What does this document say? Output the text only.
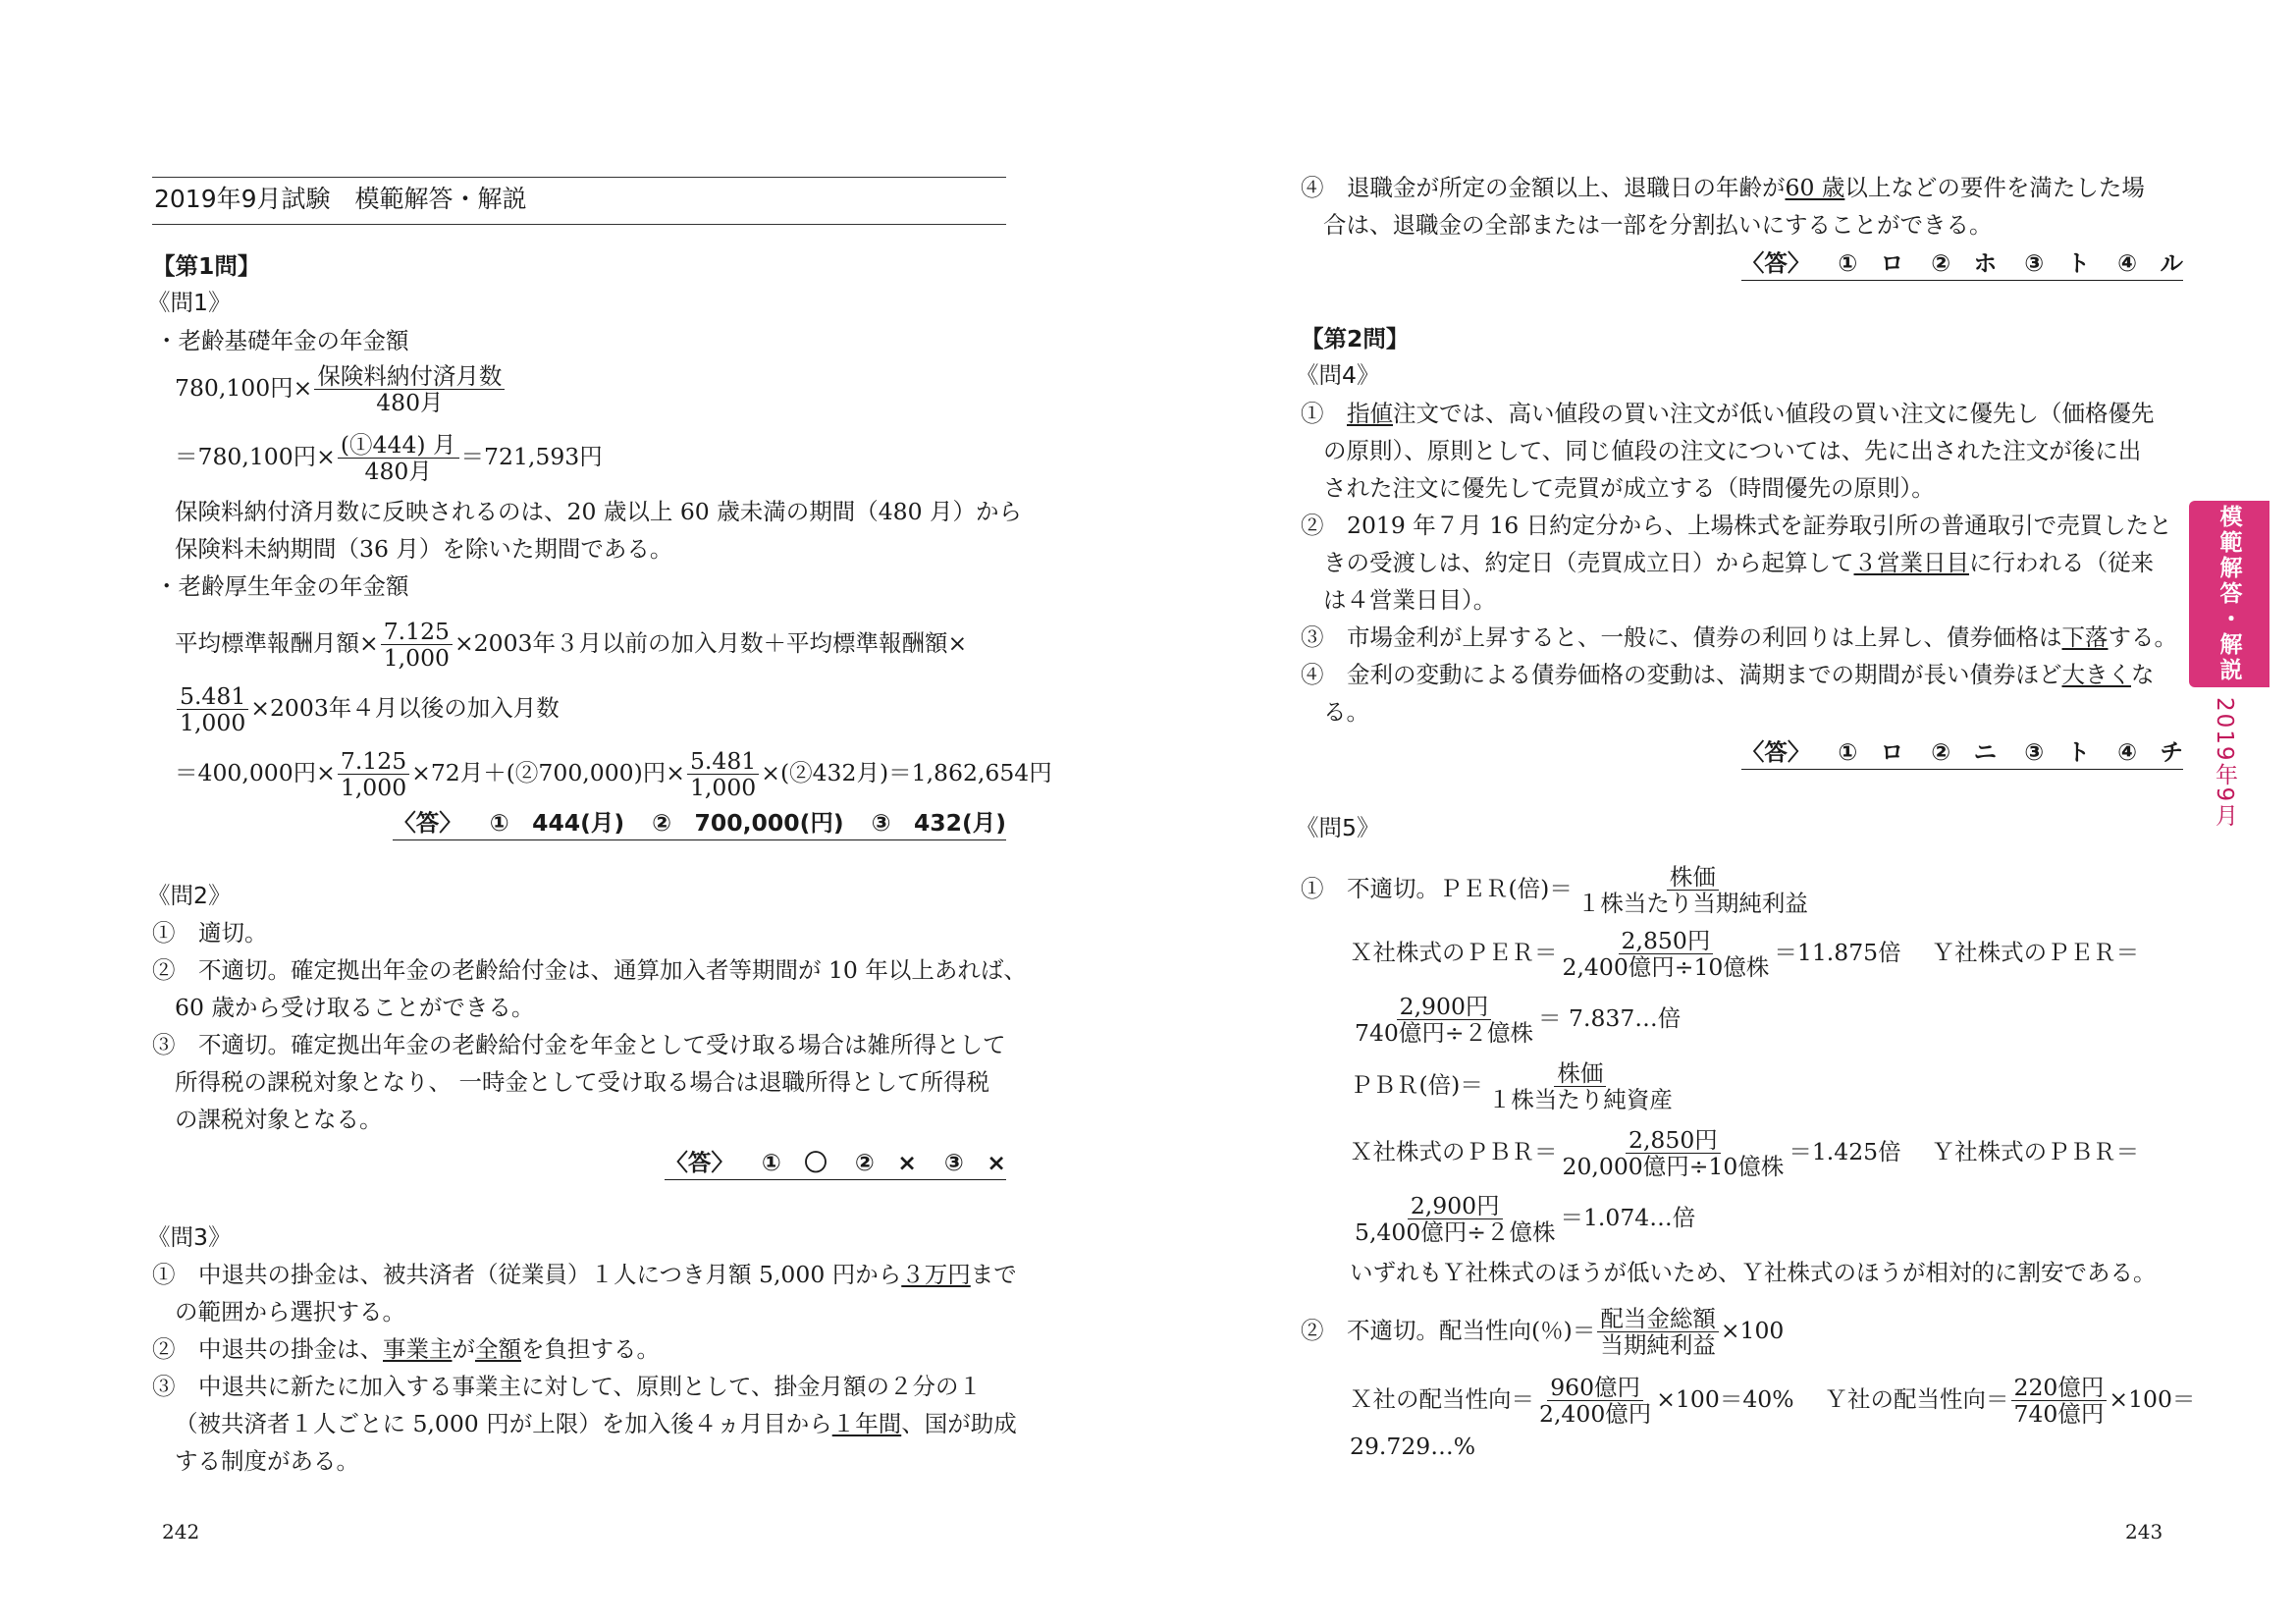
2019年9月試験　模範解答・解説
【第1問】
《問1》
・老齢基礎年金の年金額
780,100円× $\frac{\text{保険料納付済月数}}{\text{480月}}$
＝780,100円× $\frac{\text{(①444) 月}}{\text{480月}} =721,593$円
保険料納付済月数に反映されるのは、20 歳以上 60 歳未満の期間（480 月）から
保険料未納期間（36 月）を除いた期間である。
・老齢厚生年金の年金額
平均標準報酬月額× $\frac{7.125}{1,000} \times 2003$年３月以前の加入月数＋平均標準報酬額×
$\frac{5.481}{1,000} \times 2003$年４月以後の加入月数
＝400,000円× $\frac{7.125}{1,000} \times 72$月＋(②700,000)円× $\frac{5.481}{1,000}$ ×(②432月)＝1,862,654円
〈答〉 ①　444(月) ②　700,000(円) ③　432(月)
《問2》
①　適切。
②　不適切。確定拠出年金の老齢給付金は、通算加入者等期間が 10 年以上あれば、
60 歳から受け取ることができる。
③　不適切。確定拠出年金の老齢給付金を年金として受け取る場合は雑所得として
所得税の課税対象となり、 一時金として受け取る場合は退職所得として所得税
の課税対象となる。
〈答〉 ①　〇 ②　× ③　×
《問3》
①　中退共の掛金は、被共済者（従業員）１人につき月額 5,000 円から３万円まで
の範囲から選択する。
②　中退共の掛金は、事業主が全額を負担する。
③　中退共に新たに加入する事業主に対して、原則として、掛金月額の２分の１
（被共済者１人ごとに 5,000 円が上限）を加入後４ヵ月目から１年間、国が助成
する制度がある。
242
④　退職金が所定の金額以上、退職日の年齢が60 歳以上などの要件を満たした場
合は、退職金の全部または一部を分割払いにすることができる。
〈答〉 ①　ロ ②　ホ ③　ト ④　ル
【第2問】
《問4》
①　指値注文では、高い値段の買い注文が低い値段の買い注文に優先し（価格優先
の原則）、原則として、同じ値段の注文については、先に出された注文が後に出
された注文に優先して売買が成立する（時間優先の原則）。
②　2019 年７月 16 日約定分から、上場株式を証券取引所の普通取引で売買したと
きの受渡しは、約定日（売買成立日）から起算して３営業日目に行われる（従来
は４営業日目）。
③　市場金利が上昇すると、一般に、債券の利回りは上昇し、債券価格は下落する。
④　金利の変動による債券価格の変動は、満期までの期間が長い債券ほど大きくな
る。
〈答〉 ①　ロ ②　ニ ③　ト ④　チ
《問5》
①　不適切。ＰＥＲ(倍)＝ $\frac{\text{株価}}{\text{１株当たり当期純利益}}$
Ｘ社株式のＰＥＲ＝ $\frac{\text{2,850円}}{\text{2,400億円÷10億株}} =11.875$倍　 Ｙ社株式のＰＥＲ＝
$\frac{\text{2,900円}}{\text{740億円÷２億株}}$ ＝ 7.837…倍
ＰＢＲ(倍)＝ $\frac{\text{株価}}{\text{１株当たり純資産}}$
Ｘ社株式のＰＢＲ＝ $\frac{\text{2,850円}}{\text{20,000億円÷10億株}} =1.425$倍　 Ｙ社株式のＰＢＲ＝
$\frac{\text{2,900円}}{\text{5,400億円÷２億株}}$ ＝1.074…倍
いずれもＹ社株式のほうが低いため、Ｙ社株式のほうが相対的に割安である。
②　不適切。配当性向(％)＝ $\frac{\text{配当金総額}}{\text{当期純利益}} \times 100$
Ｘ社の配当性向＝ $\frac{\text{960億円}}{\text{2,400億円}} \times 100=40\%$　 Ｙ社の配当性向＝ $\frac{\text{220億円}}{\text{740億円}} \times 100=$
29.729…%
243
模範解答・解説
2019年9月
